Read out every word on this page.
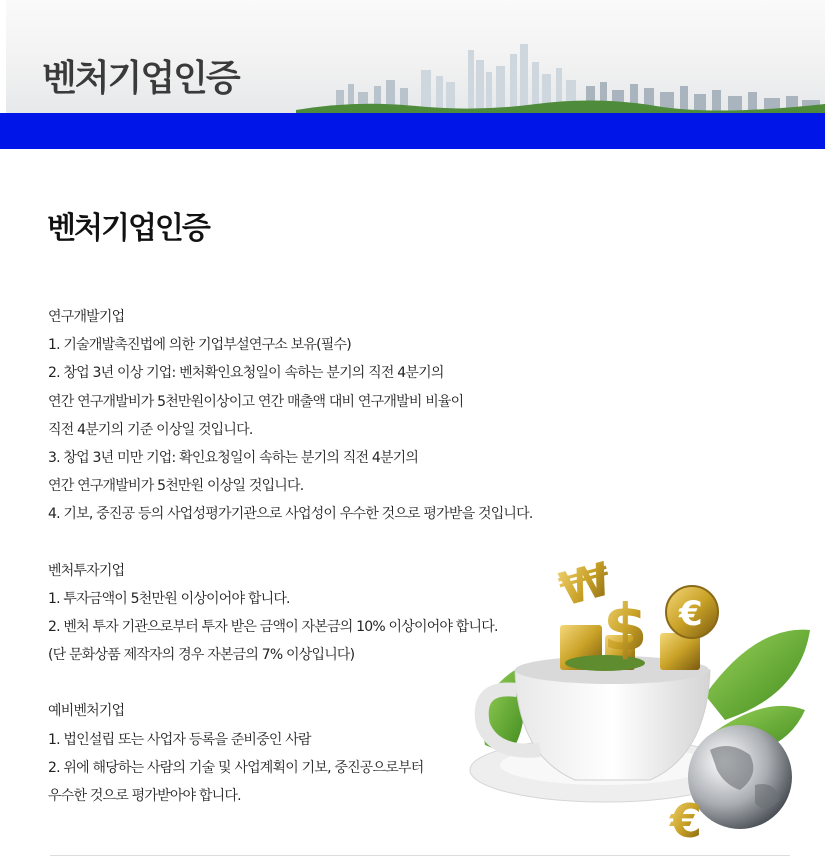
벤처기업인증
벤처기업인증
연구개발기업
1. 기술개발촉진법에 의한 기업부설연구소 보유(필수)
2. 창업 3년 이상 기업: 벤처확인요청일이 속하는 분기의 직전 4분기의
연간 연구개발비가 5천만원이상이고 연간 매출액 대비 연구개발비 비율이
직전 4분기의 기준 이상일 것입니다.
3. 창업 3년 미만 기업: 확인요청일이 속하는 분기의 직전 4분기의
연간 연구개발비가 5천만원 이상일 것입니다.
4. 기보, 중진공 등의 사업성평가기관으로 사업성이 우수한 것으로 평가받을 것입니다.
벤처투자기업
1. 투자금액이 5천만원 이상이어야 합니다.
2. 벤처 투자 기관으로부터 투자 받은 금액이 자본금의 10% 이상이어야 합니다.
(단 문화상품 제작자의 경우 자본금의 7% 이상입니다)
예비벤처기업
1. 법인설립 또는 사업자 등록을 준비중인 사람
2. 위에 해당하는 사람의 기술 및 사업계획이 기보, 중진공으로부터
우수한 것으로 평가받아야 합니다.
₩
$ €
€
